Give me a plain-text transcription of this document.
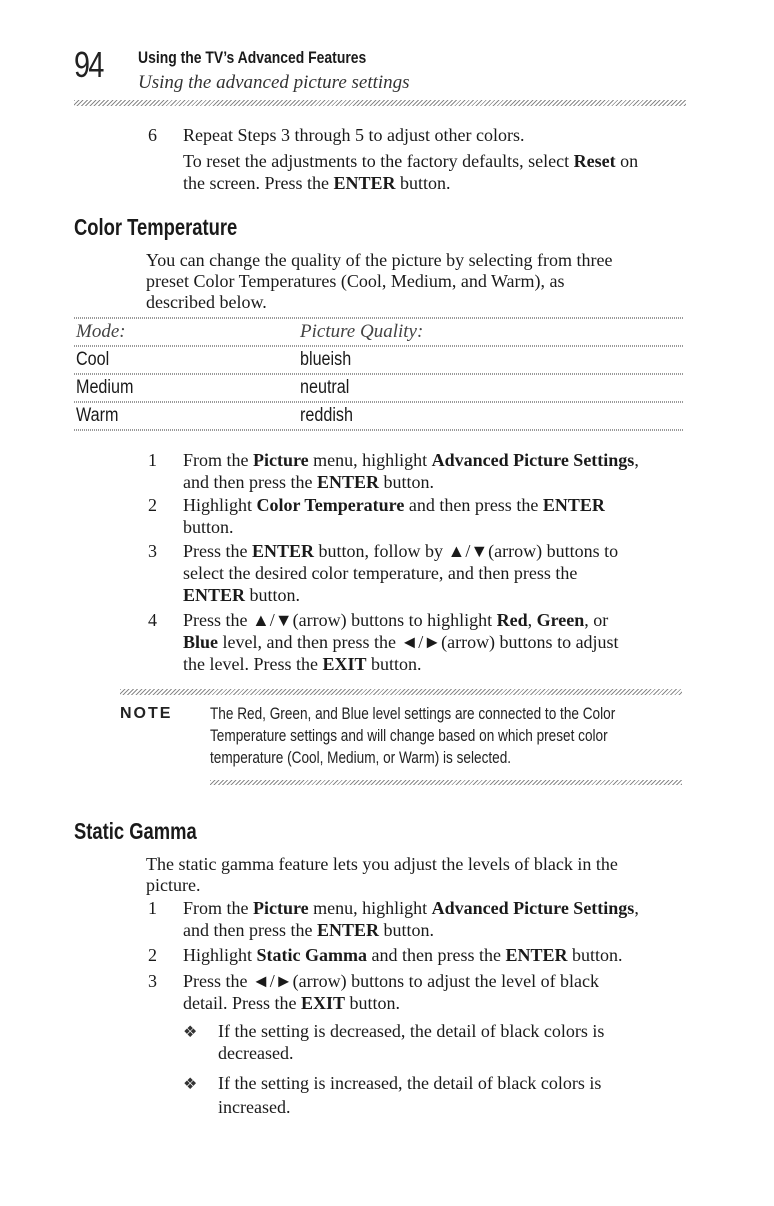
94 Using the TV’s Advanced Features
Using the advanced picture settings
6 Repeat Steps 3 through 5 to adjust other colors.
To reset the adjustments to the factory defaults, select Reset on
the screen. Press the ENTER button.
Color Temperature
You can change the quality of the picture by selecting from three
preset Color Temperatures (Cool, Medium, and Warm), as
described below.
Mode:	Picture Quality:
Cool	blueish
Medium	neutral
Warm	reddish
1 From the Picture menu, highlight Advanced Picture Settings,
and then press the ENTER button.
2 Highlight Color Temperature and then press the ENTER
button.
3 Press the ENTER button, follow by ▲/▼(arrow) buttons to
select the desired color temperature, and then press the
ENTER button.
4 Press the ▲/▼(arrow) buttons to highlight Red, Green, or
Blue level, and then press the ◄/►(arrow) buttons to adjust
the level. Press the EXIT button.
NOTE The Red, Green, and Blue level settings are connected to the Color
Temperature settings and will change based on which preset color
temperature (Cool, Medium, or Warm) is selected.
Static Gamma
The static gamma feature lets you adjust the levels of black in the
picture.
1 From the Picture menu, highlight Advanced Picture Settings,
and then press the ENTER button.
2 Highlight Static Gamma and then press the ENTER button.
3 Press the ◄/►(arrow) buttons to adjust the level of black
detail. Press the EXIT button.
❖ If the setting is decreased, the detail of black colors is
decreased.
❖ If the setting is increased, the detail of black colors is
increased.
